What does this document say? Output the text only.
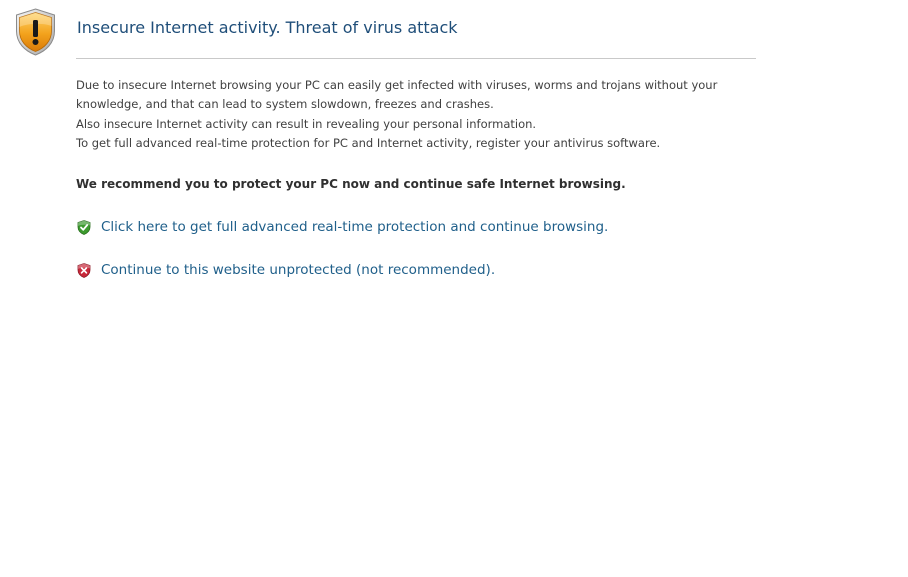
Insecure Internet activity. Threat of virus attack

Due to insecure Internet browsing your PC can easily get infected with viruses, worms and trojans without your

knowledge, and that can lead to system slowdown, freezes and crashes.

Also insecure Internet activity can result in revealing your personal information.

To get full advanced real-time protection for PC and Internet activity, register your antivirus software.

We recommend you to protect your PC now and continue safe Internet browsing.
Click here to get full advanced real-time protection and continue browsing.
Continue to this website unprotected (not recommended).
